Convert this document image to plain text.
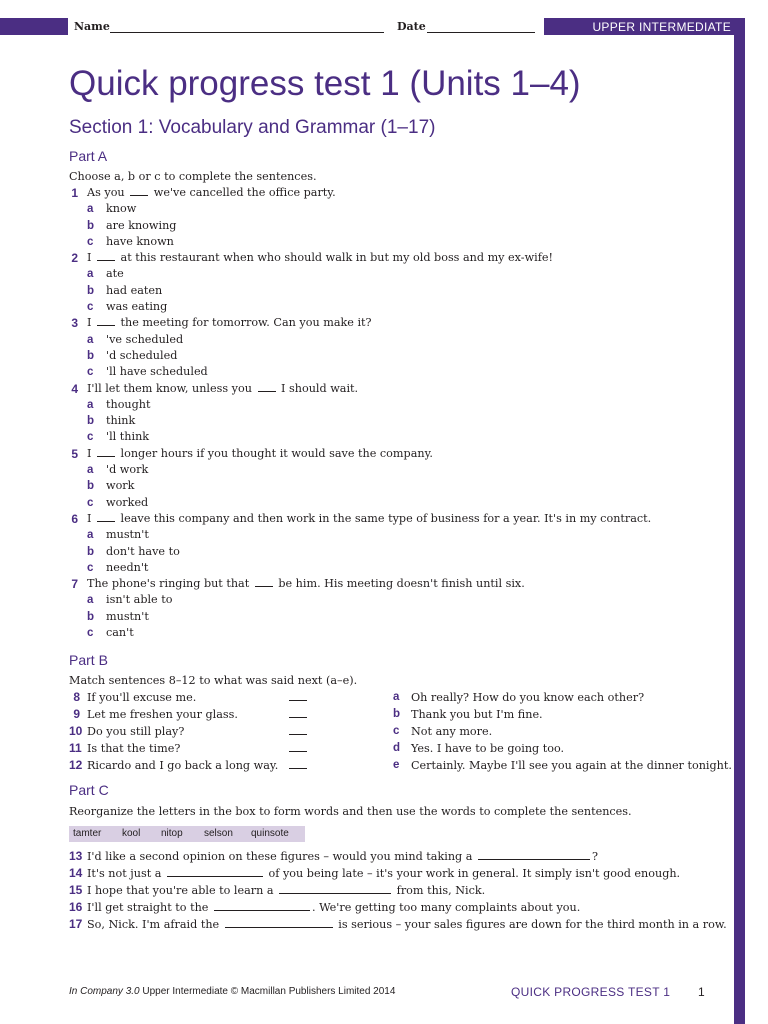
Name	Date	UPPER INTERMEDIATE
Quick progress test 1 (Units 1–4)
Section 1: Vocabulary and Grammar (1–17)
Part A

Choose a, b or c to complete the sentences.

1 As you  we've cancelled the office party.
a know
b are knowing
c have known
2 I  at this restaurant when who should walk in but my old boss and my ex-wife!
a ate
b had eaten
c was eating
3 I  the meeting for tomorrow. Can you make it?
a 've scheduled
b 'd scheduled
c 'll have scheduled
4 I'll let them know, unless you  I should wait.
a thought
b think
c 'll think
5 I  longer hours if you thought it would save the company.
a 'd work
b work
c worked
6 I  leave this company and then work in the same type of business for a year. It's in my contract.
a mustn't
b don't have to
c needn't
7 The phone's ringing but that  be him. His meeting doesn't finish until six.
a isn't able to
b mustn't
c can't
Part B

Match sentences 8–12 to what was said next (a–e).

8 If you'll excuse me.	a Oh really? How do you know each other?
9 Let me freshen your glass.	b Thank you but I'm fine.
10 Do you still play?	c Not any more.
11 Is that the time?	d Yes. I have to be going too.
12 Ricardo and I go back a long way.	e Certainly. Maybe I'll see you again at the dinner tonight.
Part C

Reorganize the letters in the box to form words and then use the words to complete the sentences.

tamter kool nitop selson quinsote
13 I'd like a second opinion on these figures – would you mind taking a	?
14 It's not just a	of you being late – it's your work in general. It simply isn't good enough.
15 I hope that you're able to learn a	from this, Nick.
16 I'll get straight to the	. We're getting too many complaints about you.
17 So, Nick. I'm afraid the	is serious – your sales figures are down for the third month in a row.
In Company 3.0 Upper Intermediate © Macmillan Publishers Limited 2014	QUICK PROGRESS TEST 1 1
